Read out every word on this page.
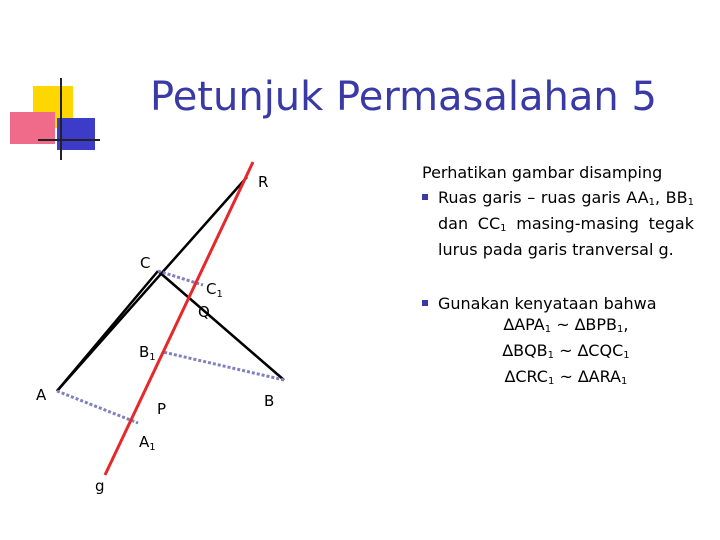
Petunjuk Permasalahan 5
R
C
$C_1$
Q
$B_1$
A
P	B
$A_1$
g

Perhatikan gambar disamping

Ruas garis – ruas garis $AA_1$, $BB_1$ dan $CC_1$ masing-masing tegak lurus pada garis tranversal g.
Gunakan kenyataan bahwa
$\Delta APA_1$ ~ $\Delta BPB_1$,
$\Delta BQB_1$ ~ $\Delta CQC_1$
$\Delta CRC_1$ ~ $\Delta ARA_1$
